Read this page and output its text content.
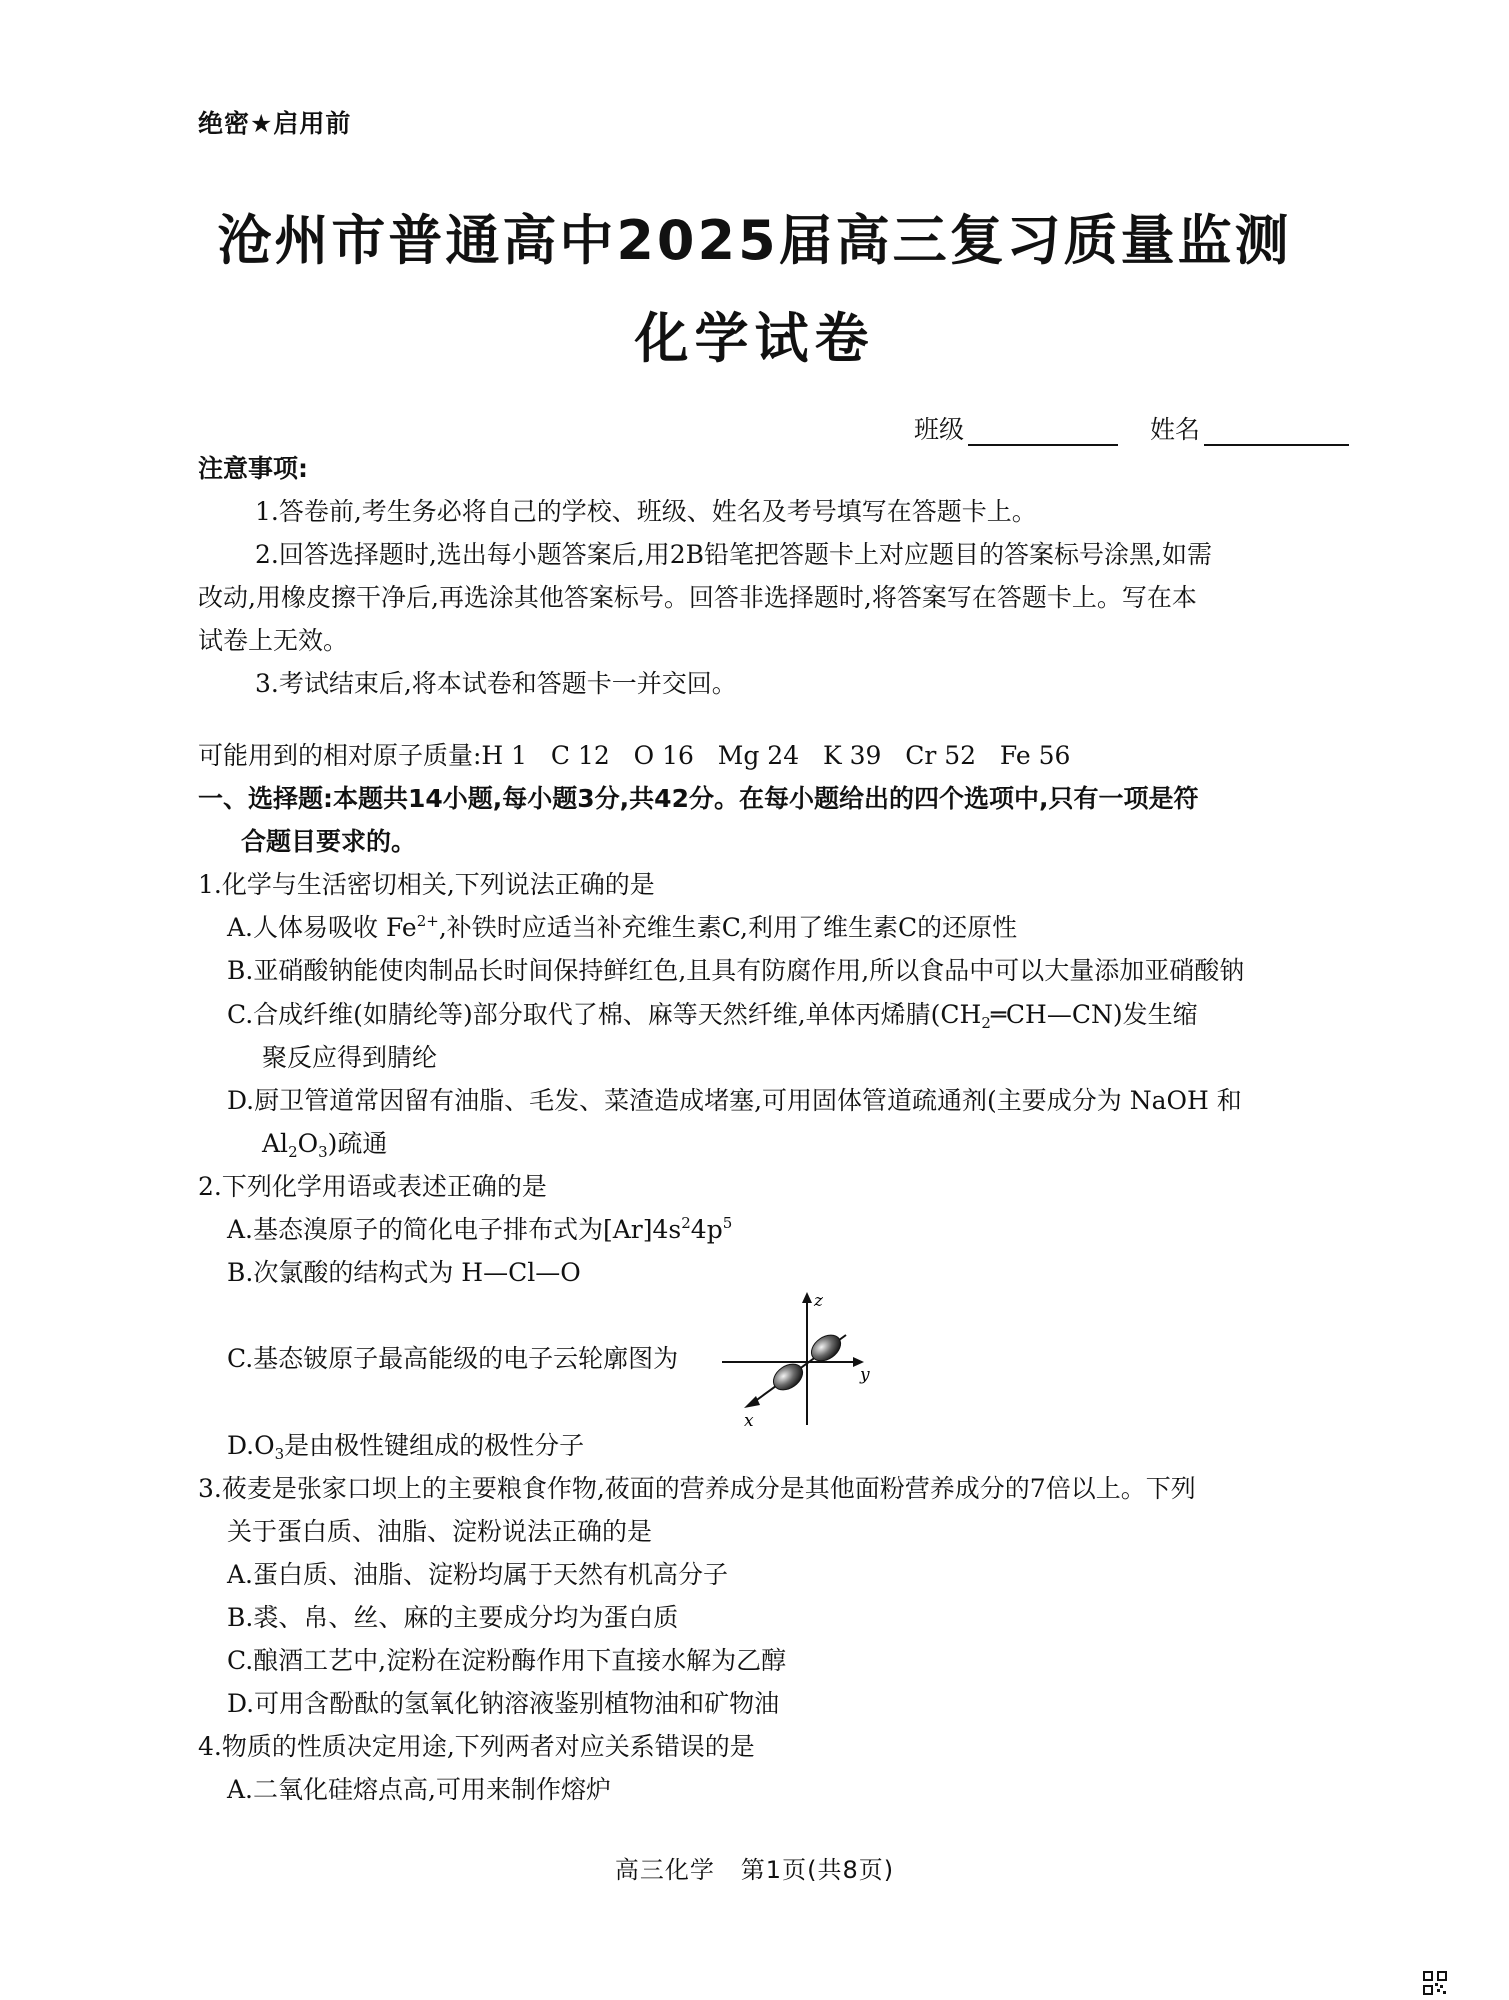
绝密★启用前
沧州市普通高中2025届高三复习质量监测
化学试卷
班级	姓名
注意事项:
1.答卷前,考生务必将自己的学校、班级、姓名及考号填写在答题卡上。
2.回答选择题时,选出每小题答案后,用2B铅笔把答题卡上对应题目的答案标号涂黑,如需
改动,用橡皮擦干净后,再选涂其他答案标号。回答非选择题时,将答案写在答题卡上。写在本
试卷上无效。
3.考试结束后,将本试卷和答题卡一并交回。
可能用到的相对原子质量:H 1   C 12   O 16   Mg 24   K 39   Cr 52   Fe 56
一、选择题:本题共14小题,每小题3分,共42分。在每小题给出的四个选项中,只有一项是符
合题目要求的。
1.化学与生活密切相关,下列说法正确的是
A.人体易吸收 $Fe^{2+}$,补铁时应适当补充维生素C,利用了维生素C的还原性
B.亚硝酸钠能使肉制品长时间保持鲜红色,且具有防腐作用,所以食品中可以大量添加亚硝酸钠
C.合成纤维(如腈纶等)部分取代了棉、麻等天然纤维,单体丙烯腈$(CH_2═CH—CN)$发生缩
聚反应得到腈纶
D.厨卫管道常因留有油脂、毛发、菜渣造成堵塞,可用固体管道疏通剂(主要成分为 NaOH 和
$Al_2O_3$)疏通
2.下列化学用语或表述正确的是
A.基态溴原子的简化电子排布式为$[Ar]4s^24p^5$
B.次氯酸的结构式为 H—Cl—O
C.基态铍原子最高能级的电子云轮廓图为
z
y
x
$D.O_3$是由极性键组成的极性分子
3.莜麦是张家口坝上的主要粮食作物,莜面的营养成分是其他面粉营养成分的7倍以上。下列
关于蛋白质、油脂、淀粉说法正确的是
A.蛋白质、油脂、淀粉均属于天然有机高分子
B.裘、帛、丝、麻的主要成分均为蛋白质
C.酿酒工艺中,淀粉在淀粉酶作用下直接水解为乙醇
D.可用含酚酞的氢氧化钠溶液鉴别植物油和矿物油
4.物质的性质决定用途,下列两者对应关系错误的是
A.二氧化硅熔点高,可用来制作熔炉
高三化学   第1页(共8页)
